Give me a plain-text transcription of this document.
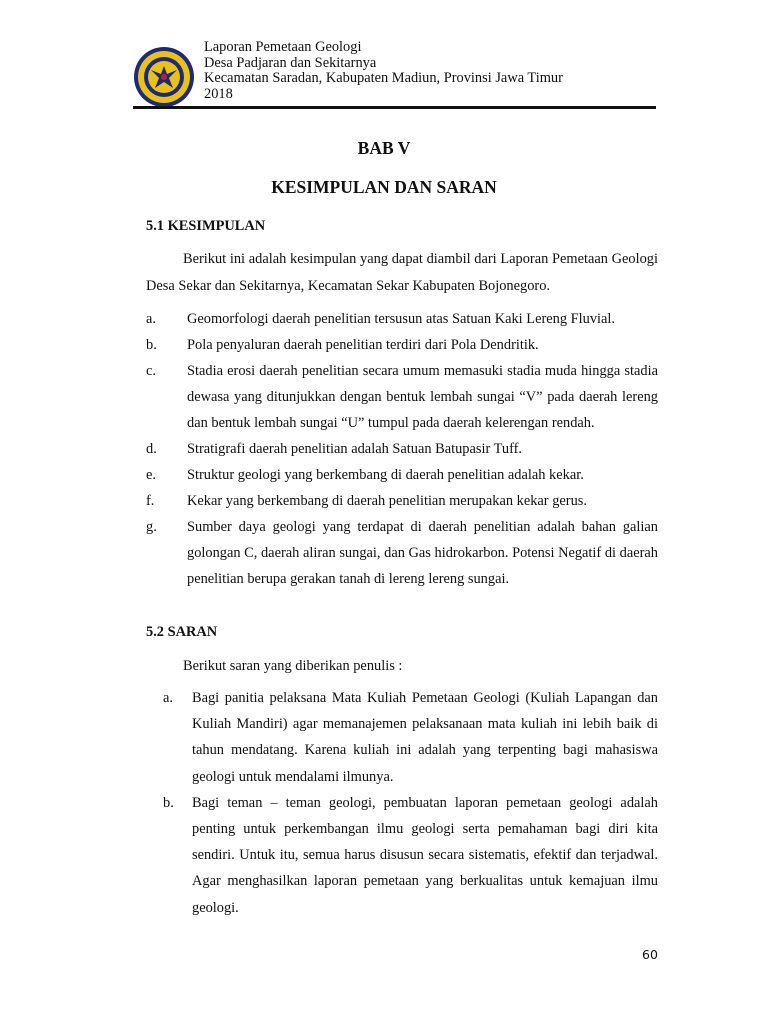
Laporan Pemetaan Geologi
Desa Padjaran dan Sekitarnya
Kecamatan Saradan, Kabupaten Madiun, Provinsi Jawa Timur
2018
BAB V
KESIMPULAN DAN SARAN
5.1 KESIMPULAN

Berikut ini adalah kesimpulan yang dapat diambil dari Laporan Pemetaan Geologi Desa Sekar dan Sekitarnya, Kecamatan Sekar Kabupaten Bojonegoro.

a. Geomorfologi daerah penelitian tersusun atas Satuan Kaki Lereng Fluvial.
b. Pola penyaluran daerah penelitian terdiri dari Pola Dendritik.
c. Stadia erosi daerah penelitian secara umum memasuki stadia muda hingga stadia dewasa yang ditunjukkan dengan bentuk lembah sungai “V” pada daerah lereng dan bentuk lembah sungai “U” tumpul pada daerah kelerengan rendah.
d. Stratigrafi daerah penelitian adalah Satuan Batupasir Tuff.
e. Struktur geologi yang berkembang di daerah penelitian adalah kekar.
f. Kekar yang berkembang di daerah penelitian merupakan kekar gerus.
g. Sumber daya geologi yang terdapat di daerah penelitian adalah bahan galian golongan C, daerah aliran sungai, dan Gas hidrokarbon. Potensi Negatif di daerah penelitian berupa gerakan tanah di lereng lereng sungai.
5.2 SARAN
Berikut saran yang diberikan penulis :
a. Bagi panitia pelaksana Mata Kuliah Pemetaan Geologi (Kuliah Lapangan dan Kuliah Mandiri) agar memanajemen pelaksanaan mata kuliah ini lebih baik di tahun mendatang. Karena kuliah ini adalah yang terpenting bagi mahasiswa geologi untuk mendalami ilmunya.
b. Bagi teman – teman geologi, pembuatan laporan pemetaan geologi adalah penting untuk perkembangan ilmu geologi serta pemahaman bagi diri kita sendiri. Untuk itu, semua harus disusun secara sistematis, efektif dan terjadwal. Agar menghasilkan laporan pemetaan yang berkualitas untuk kemajuan ilmu geologi.
60
